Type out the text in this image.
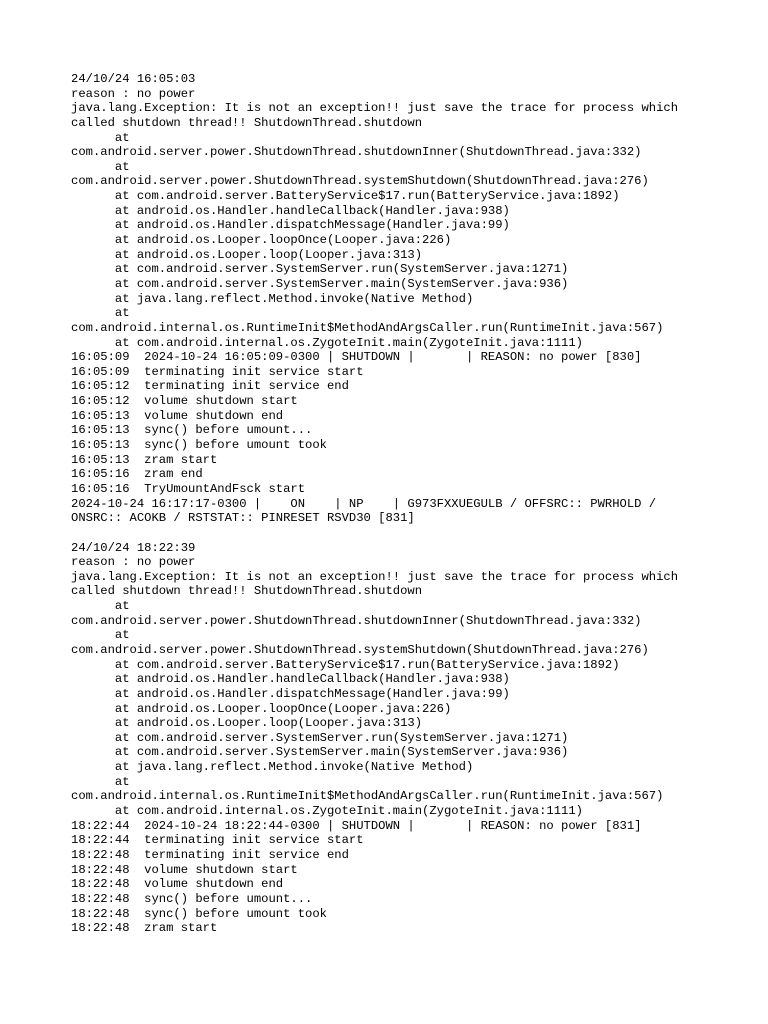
24/10/24 16:05:03
reason : no power
java.lang.Exception: It is not an exception!! just save the trace for process which
called shutdown thread!! ShutdownThread.shutdown
at
com.android.server.power.ShutdownThread.shutdownInner(ShutdownThread.java:332)
at
com.android.server.power.ShutdownThread.systemShutdown(ShutdownThread.java:276)
at com.android.server.BatteryService$17.run(BatteryService.java:1892)
at android.os.Handler.handleCallback(Handler.java:938)
at android.os.Handler.dispatchMessage(Handler.java:99)
at android.os.Looper.loopOnce(Looper.java:226)
at android.os.Looper.loop(Looper.java:313)
at com.android.server.SystemServer.run(SystemServer.java:1271)
at com.android.server.SystemServer.main(SystemServer.java:936)
at java.lang.reflect.Method.invoke(Native Method)
at
com.android.internal.os.RuntimeInit$MethodAndArgsCaller.run(RuntimeInit.java:567)
at com.android.internal.os.ZygoteInit.main(ZygoteInit.java:1111)
16:05:09  2024-10-24 16:05:09-0300 | SHUTDOWN |       | REASON: no power [830]
16:05:09  terminating init service start
16:05:12  terminating init service end
16:05:12  volume shutdown start
16:05:13  volume shutdown end
16:05:13  sync() before umount...
16:05:13  sync() before umount took
16:05:13  zram start
16:05:16  zram end
16:05:16  TryUmountAndFsck start
2024-10-24 16:17:17-0300 |    ON    | NP    | G973FXXUEGULB / OFFSRC:: PWRHOLD /
ONSRC:: ACOKB / RSTSTAT:: PINRESET RSVD30 [831]
24/10/24 18:22:39
reason : no power
java.lang.Exception: It is not an exception!! just save the trace for process which
called shutdown thread!! ShutdownThread.shutdown
at
com.android.server.power.ShutdownThread.shutdownInner(ShutdownThread.java:332)
at
com.android.server.power.ShutdownThread.systemShutdown(ShutdownThread.java:276)
at com.android.server.BatteryService$17.run(BatteryService.java:1892)
at android.os.Handler.handleCallback(Handler.java:938)
at android.os.Handler.dispatchMessage(Handler.java:99)
at android.os.Looper.loopOnce(Looper.java:226)
at android.os.Looper.loop(Looper.java:313)
at com.android.server.SystemServer.run(SystemServer.java:1271)
at com.android.server.SystemServer.main(SystemServer.java:936)
at java.lang.reflect.Method.invoke(Native Method)
at
com.android.internal.os.RuntimeInit$MethodAndArgsCaller.run(RuntimeInit.java:567)
at com.android.internal.os.ZygoteInit.main(ZygoteInit.java:1111)
18:22:44  2024-10-24 18:22:44-0300 | SHUTDOWN |       | REASON: no power [831]
18:22:44  terminating init service start
18:22:48  terminating init service end
18:22:48  volume shutdown start
18:22:48  volume shutdown end
18:22:48  sync() before umount...
18:22:48  sync() before umount took
18:22:48  zram start
